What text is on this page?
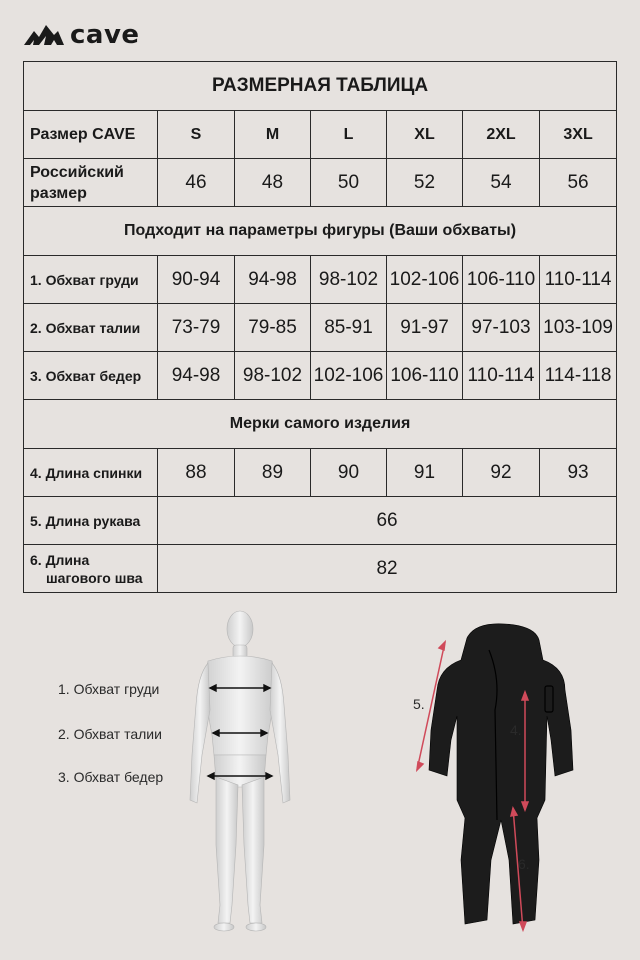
cave
РАЗМЕРНАЯ ТАБЛИЦА						
Размер CAVE	S	M	L	XL	2XL	3XL
Российский размер	46	48	50	52	54	56
Подходит на параметры фигуры (Ваши обхваты)						
1. Обхват груди	90-94	94-98	98-102	102-106	106-110	110-114
2. Обхват талии	73-79	79-85	85-91	91-97	97-103	103-109
3. Обхват бедер	94-98	98-102	102-106	106-110	110-114	114-118
Мерки самого изделия						
4. Длина спинки	88	89	90	91	92	93
5. Длина рукава	66					
6. Длина
шагового шва	82					
1. Обхват груди
2. Обхват талии
3. Обхват бедер
5.
4.
6.
